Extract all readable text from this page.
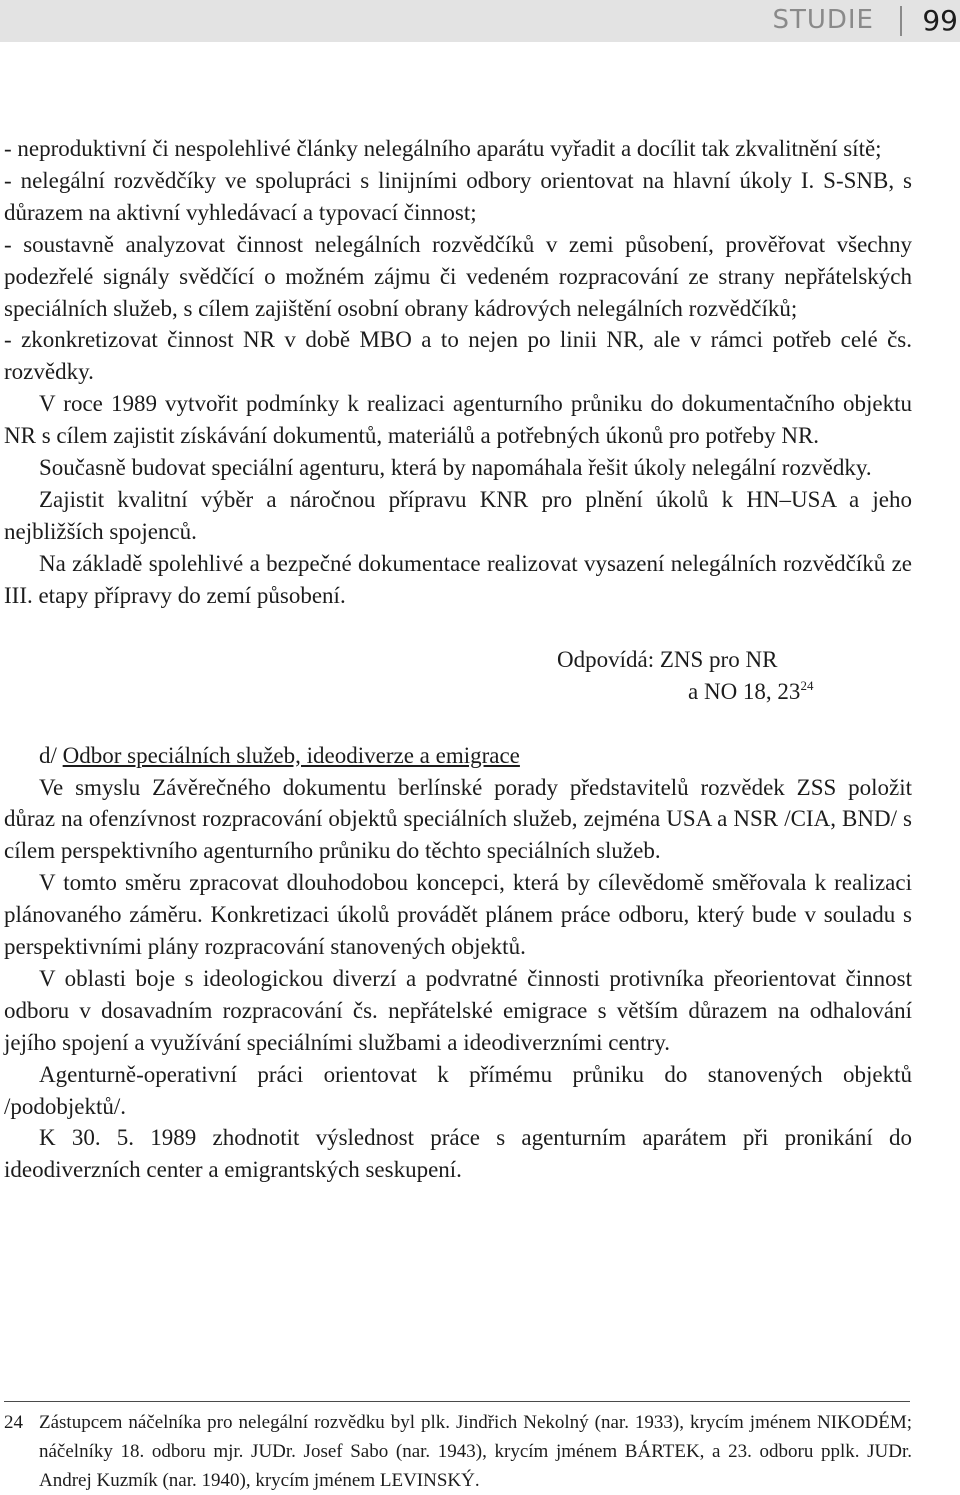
STUDIE 99

- neproduktivní či nespolehlivé články nelegálního aparátu vyřadit a docílit tak zkvalitnění sítě;

- nelegální rozvědčíky ve spolupráci s linijními odbory orientovat na hlavní úkoly I. S-SNB, s důrazem na aktivní vyhledávací a typovací činnost;

- soustavně analyzovat činnost nelegálních rozvědčíků v zemi působení, prověřovat všechny podezřelé signály svědčící o možném zájmu či vedeném rozpracování ze strany nepřátelských speciálních služeb, s cílem zajištění osobní obrany kádrových nelegálních rozvědčíků;

- zkonkretizovat činnost NR v době MBO a to nejen po linii NR, ale v rámci potřeb celé čs. rozvědky.

V roce 1989 vytvořit podmínky k realizaci agenturního průniku do dokumentačního objektu NR s cílem zajistit získávání dokumentů, materiálů a potřebných úkonů pro potřeby NR.

Současně budovat speciální agenturu, která by napomáhala řešit úkoly nelegální rozvědky.

Zajistit kvalitní výběr a náročnou přípravu KNR pro plnění úkolů k HN–USA a jeho nejbližších spojenců.

Na základě spolehlivé a bezpečné dokumentace realizovat vysazení nelegálních rozvědčíků ze III. etapy přípravy do zemí působení.

Odpovídá: ZNS pro NR
a NO 18, 23$^{24}$

d/ Odbor speciálních služeb, ideodiverze a emigrace

Ve smyslu Závěrečného dokumentu berlínské porady představitelů rozvědek ZSS položit důraz na ofenzívnost rozpracování objektů speciálních služeb, zejména USA a NSR /CIA, BND/ s cílem perspektivního agenturního průniku do těchto speciálních služeb.

V tomto směru zpracovat dlouhodobou koncepci, která by cílevědomě směřovala k realizaci plánovaného záměru. Konkretizaci úkolů provádět plánem práce odboru, který bude v souladu s perspektivními plány rozpracování stanovených objektů.

V oblasti boje s ideologickou diverzí a podvratné činnosti protivníka přeorientovat činnost odboru v dosavadním rozpracování čs. nepřátelské emigrace s větším důrazem na odhalování jejího spojení a využívání speciálními službami a ideodiverzními centry.

Agenturně-operativní práci orientovat k přímému průniku do stanovených objektů /podobjektů/.

K 30. 5. 1989 zhodnotit výslednost práce s agenturním aparátem při pronikání do ideodiverzních center a emigrantských seskupení.

24 Zástupcem náčelníka pro nelegální rozvědku byl plk. Jindřich Nekolný (nar. 1933), krycím jménem NIKODÉM; náčelníky 18. odboru mjr. JUDr. Josef Sabo (nar. 1943), krycím jménem BÁRTEK, a 23. odboru pplk. JUDr. Andrej Kuzmík (nar. 1940), krycím jménem LEVINSKÝ.
